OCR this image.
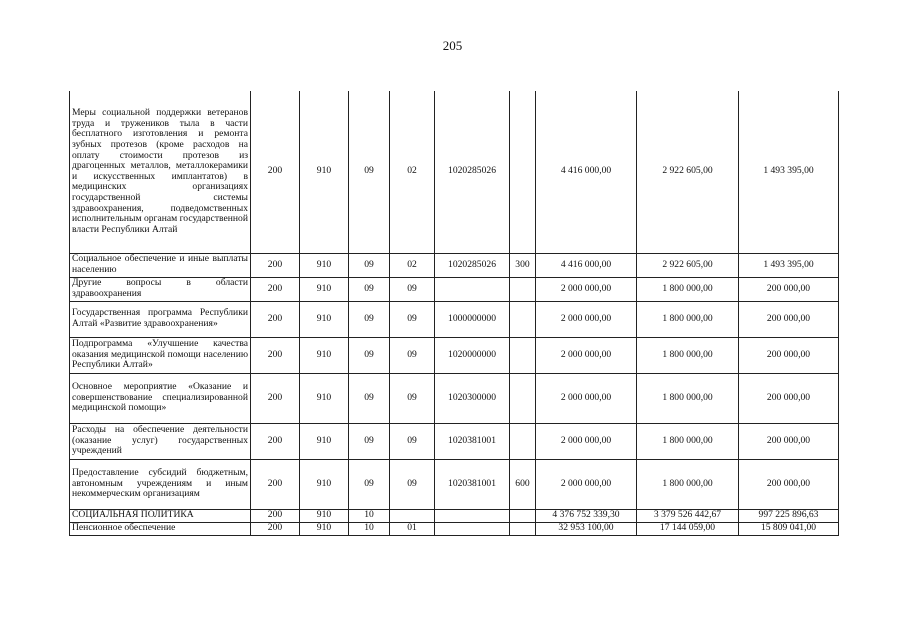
205
Меры социальной поддержки ветеранов труда и тружеников тыла в части бесплатного изготовления и ремонта зубных протезов (кроме расходов на оплату стоимости протезов из драгоценных металлов, металлокерамики и искусственных имплантатов) в медицинских организациях государственной системы здравоохранения, подведомственных исполнительным органам государственной власти Республики Алтай	200	910	09	02	1020285026		4 416 000,00	2 922 605,00	1 493 395,00
Социальное обеспечение и иные выплаты населению	200	910	09	02	1020285026	300	4 416 000,00	2 922 605,00	1 493 395,00
Другие вопросы в области здравоохранения	200	910	09	09			2 000 000,00	1 800 000,00	200 000,00
Государственная программа Республики Алтай «Развитие здравоохранения»	200	910	09	09	1000000000		2 000 000,00	1 800 000,00	200 000,00
Подпрограмма «Улучшение качества оказания медицинской помощи населению Республики Алтай»	200	910	09	09	1020000000		2 000 000,00	1 800 000,00	200 000,00
Основное мероприятие «Оказание и совершенствование специализированной медицинской помощи»	200	910	09	09	1020300000		2 000 000,00	1 800 000,00	200 000,00
Расходы на обеспечение деятельности (оказание услуг) государственных учреждений	200	910	09	09	1020381001		2 000 000,00	1 800 000,00	200 000,00
Предоставление субсидий бюджетным, автономным учреждениям и иным некоммерческим организациям	200	910	09	09	1020381001	600	2 000 000,00	1 800 000,00	200 000,00
СОЦИАЛЬНАЯ ПОЛИТИКА	200	910	10				4 376 752 339,30	3 379 526 442,67	997 225 896,63
Пенсионное обеспечение	200	910	10	01			32 953 100,00	17 144 059,00	15 809 041,00
